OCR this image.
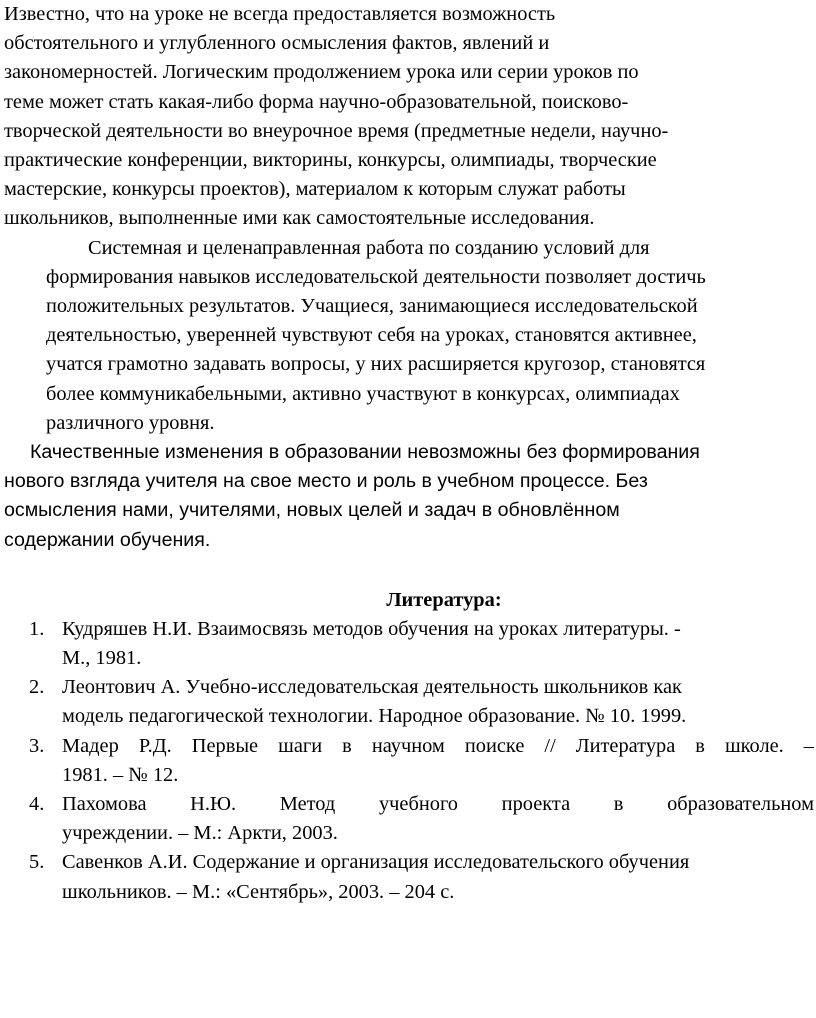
Известно, что на уроке не всегда предоставляется возможность
обстоятельного и углубленного осмысления фактов, явлений и
закономерностей. Логическим продолжением урока или серии уроков по
теме может стать какая-либо форма научно-образовательной, поисково-
творческой деятельности во внеурочное время (предметные недели, научно-
практические конференции, викторины, конкурсы, олимпиады, творческие
мастерские, конкурсы проектов), материалом к которым служат работы
школьников, выполненные ими как самостоятельные исследования.

Системная и целенаправленная работа по созданию условий для
формирования навыков исследовательской деятельности позволяет достичь
положительных результатов. Учащиеся, занимающиеся исследовательской
деятельностью, уверенней чувствуют себя на уроках, становятся активнее,
учатся грамотно задавать вопросы, у них расширяется кругозор, становятся
более коммуникабельными, активно участвуют в конкурсах, олимпиадах
различного уровня.

Качественные изменения в образовании невозможны без формирования
нового взгляда учителя на свое место и роль в учебном процессе. Без
осмысления нами, учителями, новых целей и задач в обновлённом
содержании обучения.

Литература:

1. Кудряшев Н.И. Взаимосвязь методов обучения на уроках литературы. -
М., 1981.
2. Леонтович А. Учебно-исследовательская деятельность школьников как
модель педагогической технологии. Народное образование. № 10. 1999.
3. Мадер Р.Д. Первые шаги в научном поиске // Литература в школе. –
1981. – № 12.
4. Пахомова Н.Ю. Метод учебного проекта в образовательном
учреждении. – М.: Аркти, 2003.
5. Савенков А.И. Содержание и организация исследовательского обучения
школьников. – М.: «Сентябрь», 2003. – 204 с.
